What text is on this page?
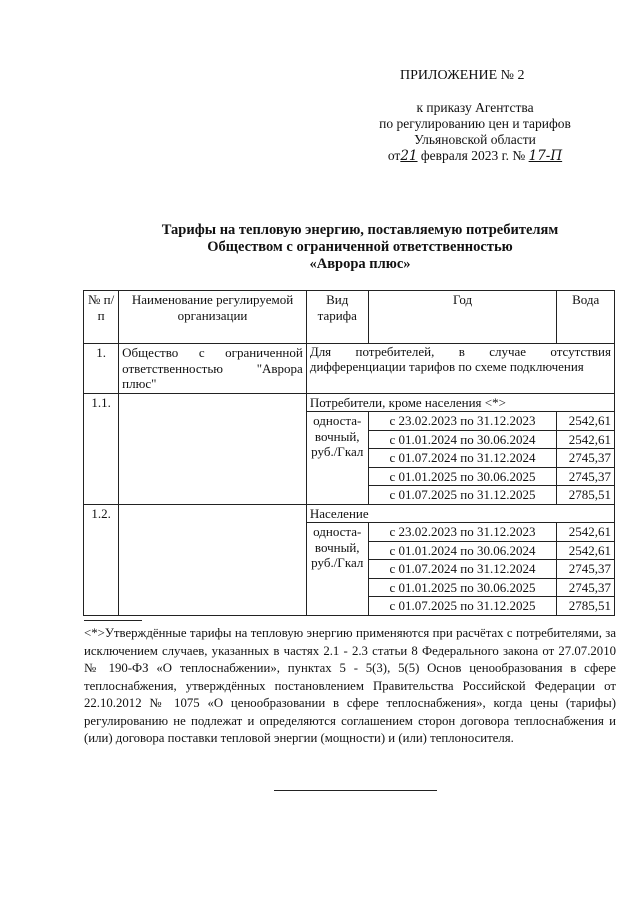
ПРИЛОЖЕНИЕ № 2
к приказу Агентства
по регулированию цен и тарифов
Ульяновской области
от21 февраля 2023 г. № 17-П
Тарифы на тепловую энергию, поставляемую потребителям
Обществом с ограниченной ответственностью
«Аврора плюс»
№ п/п	Наименование регулируемой организации	Вид тарифа	Год	Вода
1.	Общество с ограниченной ответственностью "Аврора плюс"	Для потребителей, в случае отсутствия дифференциации тарифов по схеме подключения		
1.1.		Потребители, кроме населения <*>		

		односта-
вочный,
руб./Гкал	с 23.02.2023 по 31.12.2023	2542,61
			с 01.01.2024 по 30.06.2024	2542,61
			с 01.07.2024 по 31.12.2024	2745,37
			с 01.01.2025 по 30.06.2025	2745,37
			с 01.07.2025 по 31.12.2025	2785,51
1.2.		Население		

		односта-
вочный,
руб./Гкал	с 23.02.2023 по 31.12.2023	2542,61
			с 01.01.2024 по 30.06.2024	2542,61
			с 01.07.2024 по 31.12.2024	2745,37
			с 01.01.2025 по 30.06.2025	2745,37
			с 01.07.2025 по 31.12.2025	2785,51
<*>Утверждённые тарифы на тепловую энергию применяются при расчётах с потребителями, за исключением случаев, указанных в частях 2.1 - 2.3 статьи 8 Федерального закона от 27.07.2010 № 190-ФЗ «О теплоснабжении», пунктах 5 - 5(3), 5(5) Основ ценообразования в сфере теплоснабжения, утверждённых постановлением Правительства Российской Федерации от 22.10.2012 № 1075 «О ценообразовании в сфере теплоснабжения», когда цены (тарифы) регулированию не подлежат и определяются соглашением сторон договора теплоснабжения и (или) договора поставки тепловой энергии (мощности) и (или) теплоносителя.
